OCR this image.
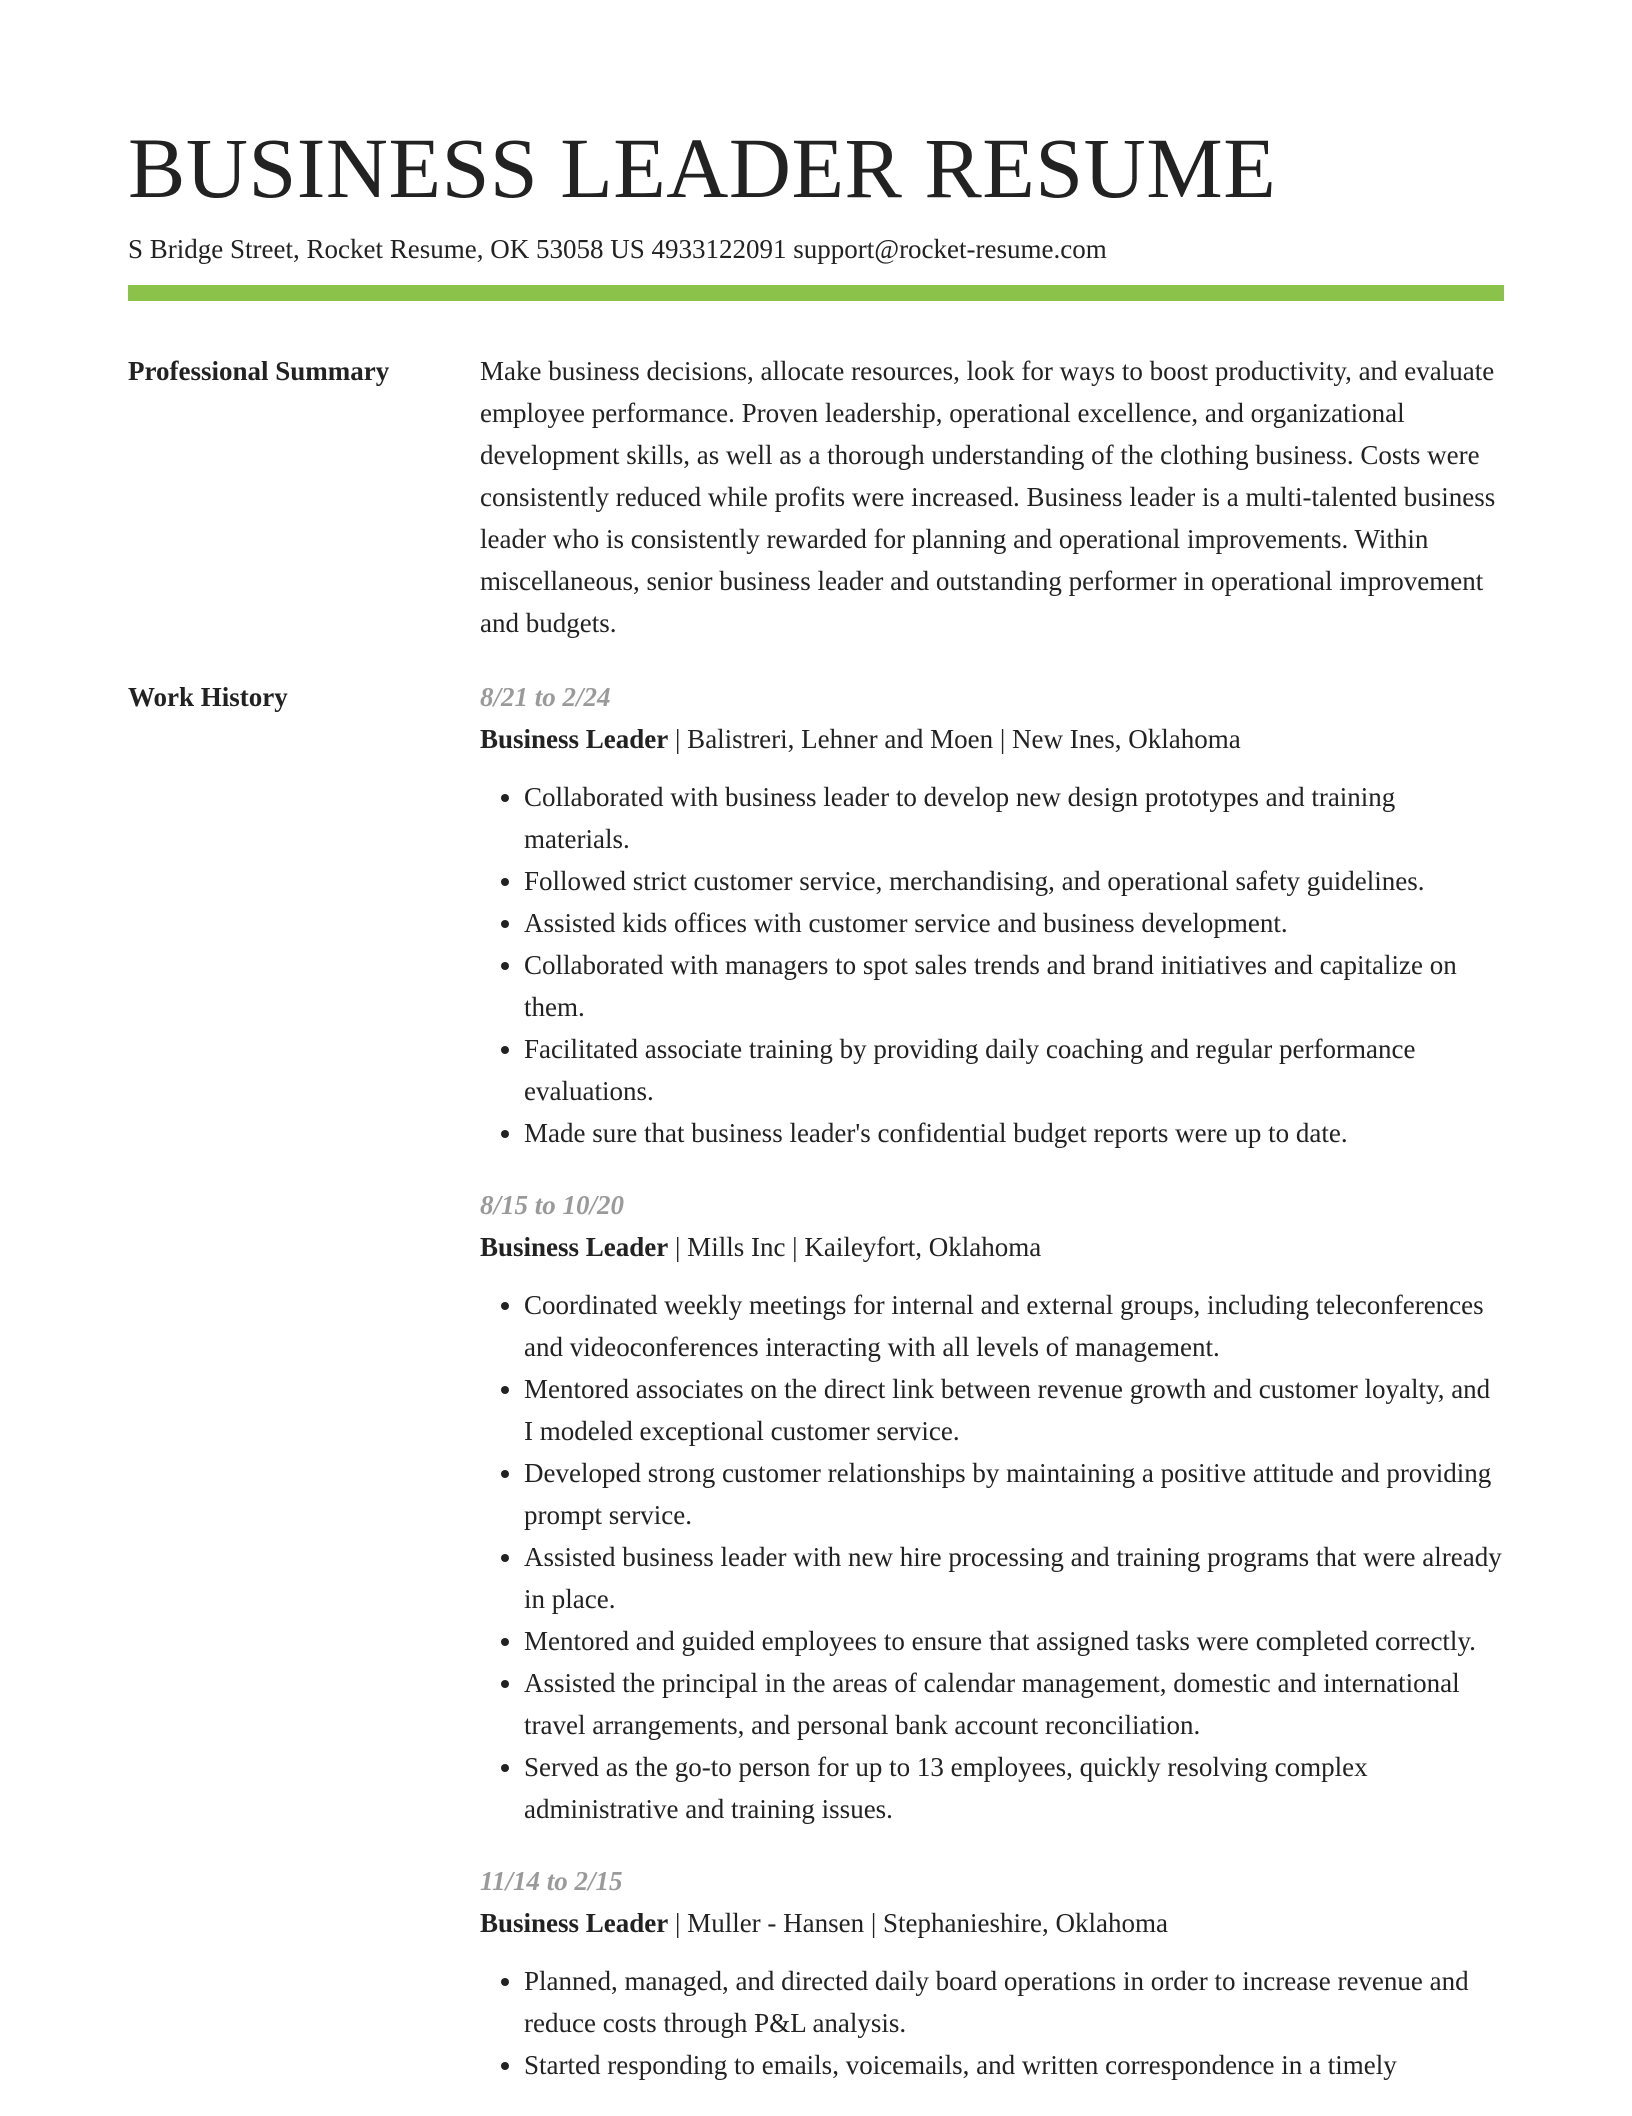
BUSINESS LEADER RESUME
S Bridge Street, Rocket Resume, OK 53058 US 4933122091 support@rocket-resume.com
Professional Summary	Make business decisions, allocate resources, look for ways to boost productivity, and evaluate employee performance. Proven leadership, operational excellence, and organizational development skills, as well as a thorough understanding of the clothing business. Costs were consistently reduced while profits were increased. Business leader is a multi-talented business leader who is consistently rewarded for planning and operational improvements. Within miscellaneous, senior business leader and outstanding performer in operational improvement and budgets.

Work History	8/21 to 2/24
Business Leader | Balistreri, Lehner and Moen | New Ines, Oklahoma
• Collaborated with business leader to develop new design prototypes and training materials.
• Followed strict customer service, merchandising, and operational safety guidelines.
• Assisted kids offices with customer service and business development.
• Collaborated with managers to spot sales trends and brand initiatives and capitalize on them.
• Facilitated associate training by providing daily coaching and regular performance evaluations.
• Made sure that business leader's confidential budget reports were up to date.
8/15 to 10/20
Business Leader | Mills Inc | Kaileyfort, Oklahoma
• Coordinated weekly meetings for internal and external groups, including teleconferences and videoconferences interacting with all levels of management.
• Mentored associates on the direct link between revenue growth and customer loyalty, and I modeled exceptional customer service.
• Developed strong customer relationships by maintaining a positive attitude and providing prompt service.
• Assisted business leader with new hire processing and training programs that were already in place.
• Mentored and guided employees to ensure that assigned tasks were completed correctly.
• Assisted the principal in the areas of calendar management, domestic and international travel arrangements, and personal bank account reconciliation.
• Served as the go-to person for up to 13 employees, quickly resolving complex administrative and training issues.
11/14 to 2/15
Business Leader | Muller - Hansen | Stephanieshire, Oklahoma
• Planned, managed, and directed daily board operations in order to increase revenue and reduce costs through P&L analysis.
• Started responding to emails, voicemails, and written correspondence in a timely
